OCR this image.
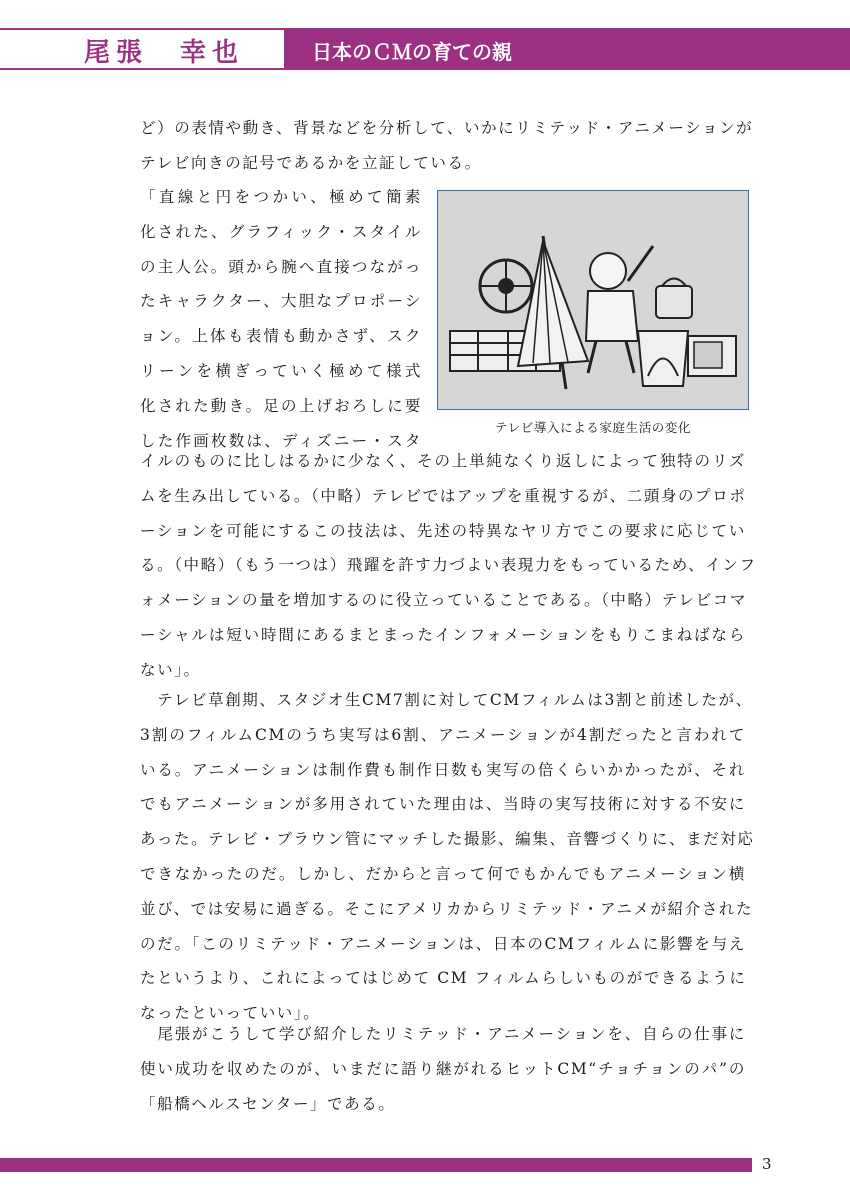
尾張　幸也	日本のＣＭの育ての親
ど）の表情や動き、背景などを分析して、いかにリミテッド・アニメーションが
テレビ向きの記号であるかを立証している。
「直線と円をつかい、極めて簡素
化された、グラフィック・スタイル
の主人公。頭から腕へ直接つながっ
たキャラクター、大胆なプロポーシ
ョン。上体も表情も動かさず、スク
リーンを横ぎっていく極めて様式
化された動き。足の上げおろしに要
した作画枚数は、ディズニー・スタ
テレビ導入による家庭生活の変化
イルのものに比しはるかに少なく、その上単純なくり返しによって独特のリズ
ムを生み出している。（中略）テレビではアップを重視するが、二頭身のプロポ
ーションを可能にするこの技法は、先述の特異なヤリ方でこの要求に応じてい
る。（中略）（もう一つは）飛躍を許す力づよい表現力をもっているため、インフ
ォメーションの量を増加するのに役立っていることである。（中略）テレビコマ
ーシャルは短い時間にあるまとまったインフォメーションをもりこまねばなら
ない」。
　テレビ草創期、スタジオ生CM7割に対してCMフィルムは3割と前述したが、
3割のフィルムCMのうち実写は6割、アニメーションが4割だったと言われて
いる。アニメーションは制作費も制作日数も実写の倍くらいかかったが、それ
でもアニメーションが多用されていた理由は、当時の実写技術に対する不安に
あった。テレビ・ブラウン管にマッチした撮影、編集、音響づくりに、まだ対応
できなかったのだ。しかし、だからと言って何でもかんでもアニメーション横
並び、では安易に過ぎる。そこにアメリカからリミテッド・アニメが紹介された
のだ。「このリミテッド・アニメーションは、日本のCMフィルムに影響を与え
たというより、これによってはじめて CM フィルムらしいものができるように
なったといっていい」。
　尾張がこうして学び紹介したリミテッド・アニメーションを、自らの仕事に
使い成功を収めたのが、いまだに語り継がれるヒットCM“チョチョンのパ”の
「船橋ヘルスセンター」である。
3
